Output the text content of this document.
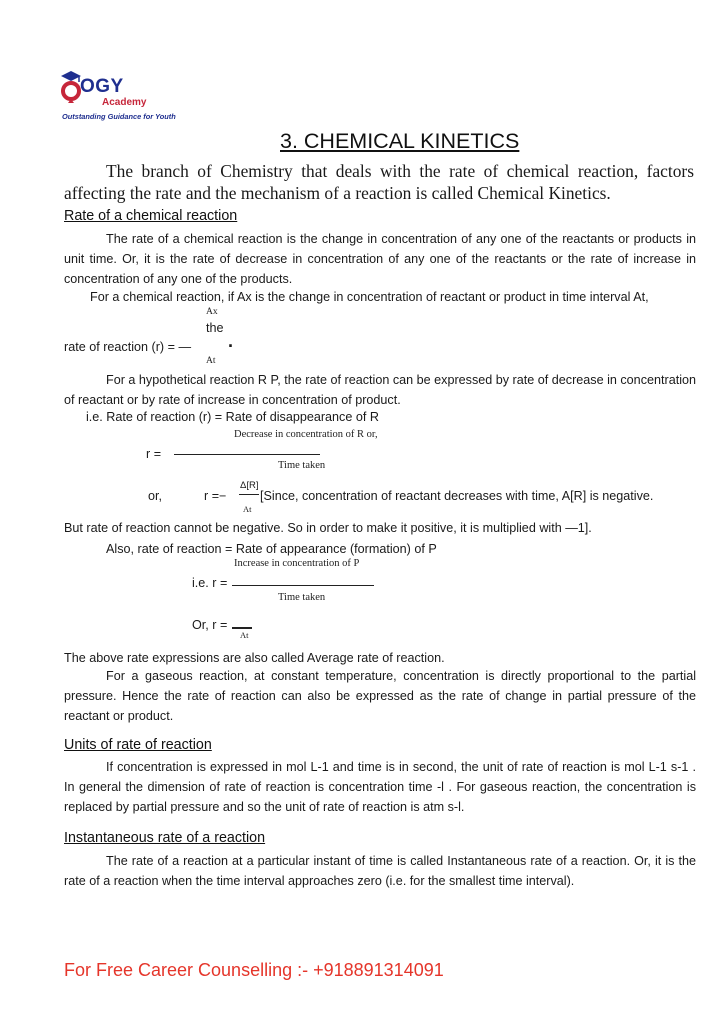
OGY
Academy
Outstanding Guidance for Youth
3. CHEMICAL KINETICS
The branch of Chemistry that deals with the rate of chemical reaction, factors affecting the rate and the mechanism of a reaction is called Chemical Kinetics.
Rate of a chemical reaction
The rate of a chemical reaction is the change in concentration of any one of the reactants or products in unit time. Or, it is the rate of decrease in concentration of any one of the reactants or the rate of increase in concentration of any one of the products.
For a chemical reaction, if Ax is the change in concentration of reactant or product in time interval At,
Ax
the
rate of reaction (r) = — .
At
For a hypothetical reaction R P, the rate of reaction can be expressed by rate of decrease in concentration of reactant or by rate of increase in concentration of product.
i.e. Rate of reaction (r) = Rate of disappearance of R
Decrease in concentration of R or,
r =
Time taken
or,	r =−
Δ[R]
At
[Since, concentration of reactant decreases with time, A[R] is negative.
But rate of reaction cannot be negative. So in order to make it positive, it is multiplied with —1].
Also, rate of reaction = Rate of appearance (formation) of P
Increase in concentration of P
i.e. r =
Time taken
Or, r =
At
The above rate expressions are also called Average rate of reaction.
For a gaseous reaction, at constant temperature, concentration is directly proportional to the partial pressure. Hence the rate of reaction can also be expressed as the rate of change in partial pressure of the reactant or product.
Units of rate of reaction
If concentration is expressed in mol L-1 and time is in second, the unit of rate of reaction is mol L-1 s-1 . In general the dimension of rate of reaction is concentration time -l . For gaseous reaction, the concentration is replaced by partial pressure and so the unit of rate of reaction is atm s-l.
Instantaneous rate of a reaction
The rate of a reaction at a particular instant of time is called Instantaneous rate of a reaction. Or, it is the rate of a reaction when the time interval approaches zero (i.e. for the smallest time interval).
For Free Career Counselling :- +918891314091
